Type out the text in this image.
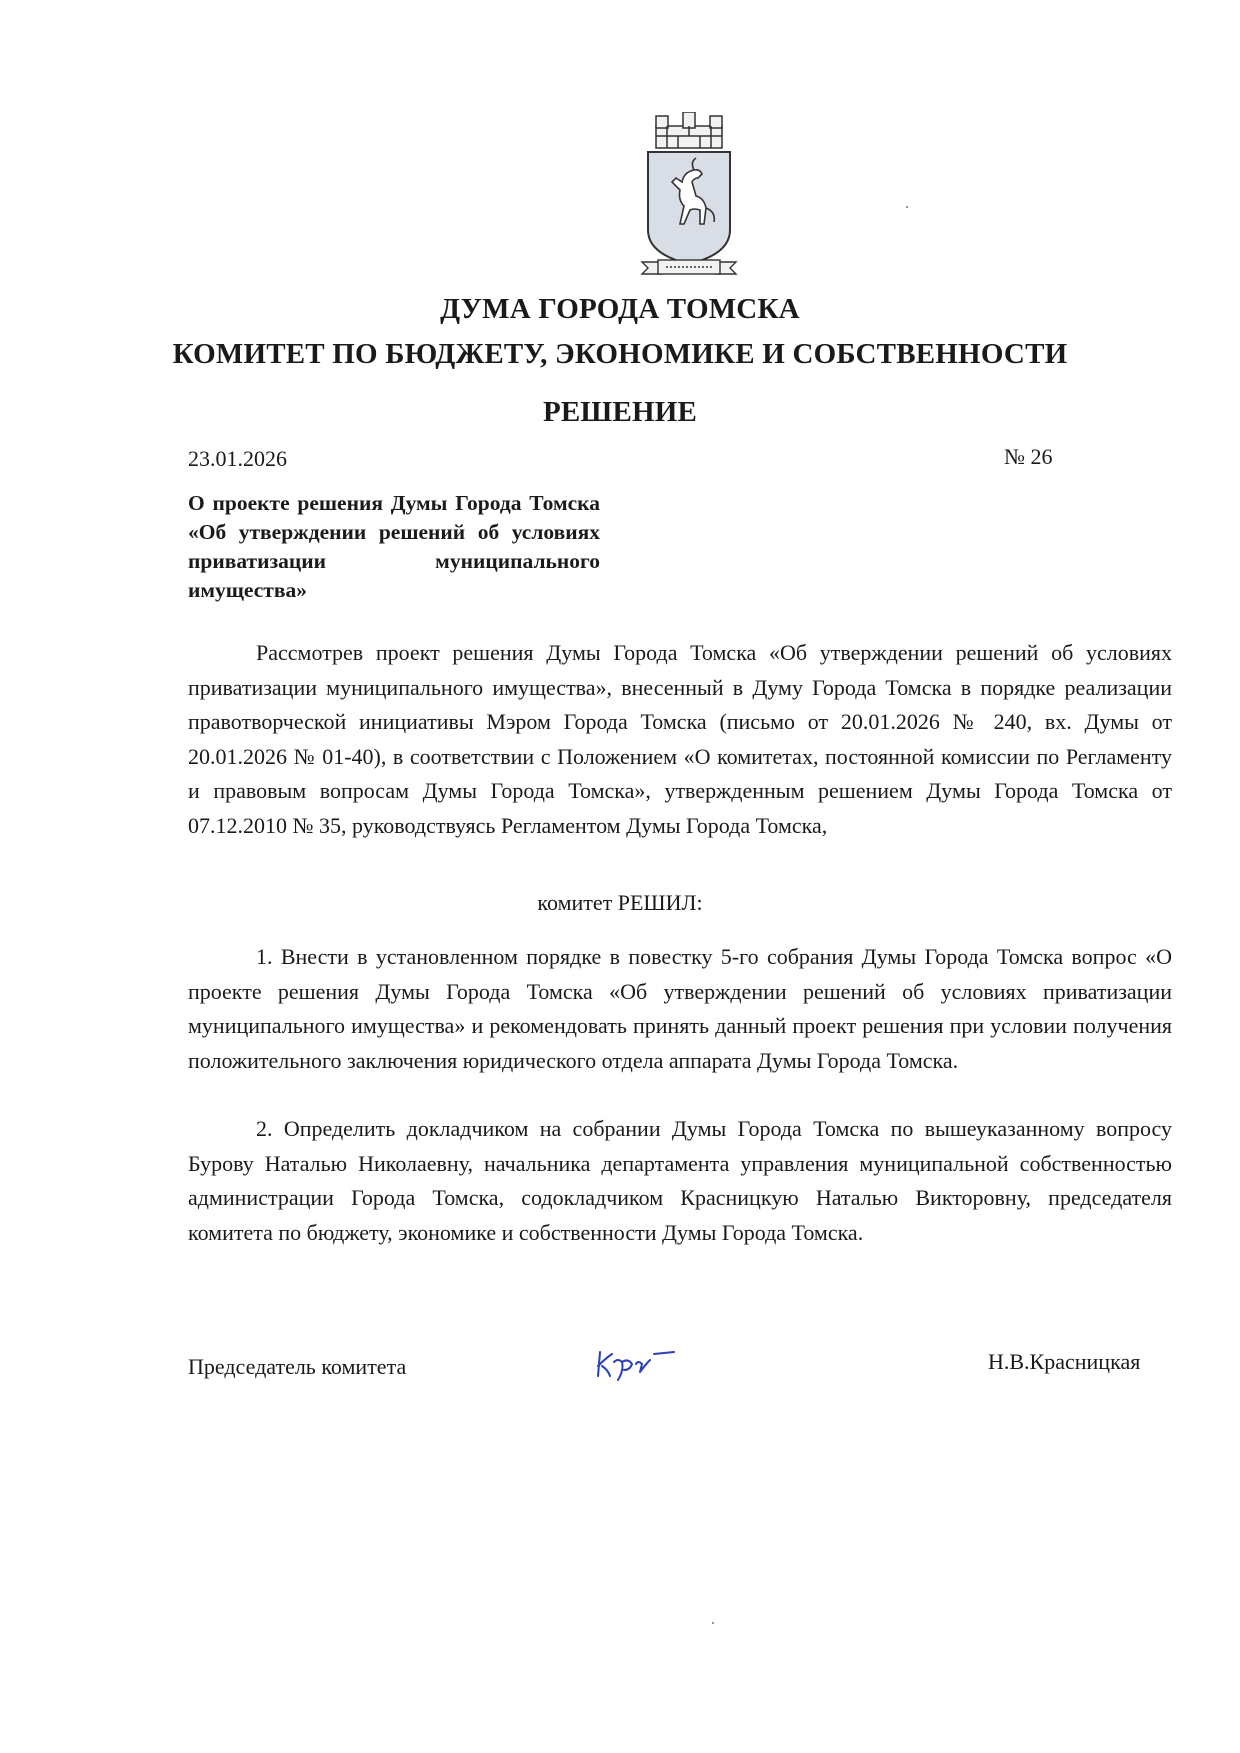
ДУМА ГОРОДА ТОМСКА
КОМИТЕТ ПО БЮДЖЕТУ, ЭКОНОМИКЕ И СОБСТВЕННОСТИ
РЕШЕНИЕ
23.01.2026	№ 26
О проекте решения Думы Города Томска «Об утверждении решений об условиях приватизации муниципального имущества»

Рассмотрев проект решения Думы Города Томска «Об утверждении решений об условиях приватизации муниципального имущества», внесенный в Думу Города Томска в порядке реализации правотворческой инициативы Мэром Города Томска (письмо от 20.01.2026 № 240, вх. Думы от 20.01.2026 № 01-40), в соответствии с Положением «О комитетах, постоянной комиссии по Регламенту и правовым вопросам Думы Города Томска», утвержденным решением Думы Города Томска от 07.12.2010 № 35, руководствуясь Регламентом Думы Города Томска,

комитет РЕШИЛ:

1. Внести в установленном порядке в повестку 5-го собрания Думы Города Томска вопрос «О проекте решения Думы Города Томска «Об утверждении решений об условиях приватизации муниципального имущества» и рекомендовать принять данный проект решения при условии получения положительного заключения юридического отдела аппарата Думы Города Томска.

2. Определить докладчиком на собрании Думы Города Томска по вышеуказанному вопросу Бурову Наталью Николаевну, начальника департамента управления муниципальной собственностью администрации Города Томска, содокладчиком Красницкую Наталью Викторовну, председателя комитета по бюджету, экономике и собственности Думы Города Томска.

Председатель комитета	Н.В.Красницкая
